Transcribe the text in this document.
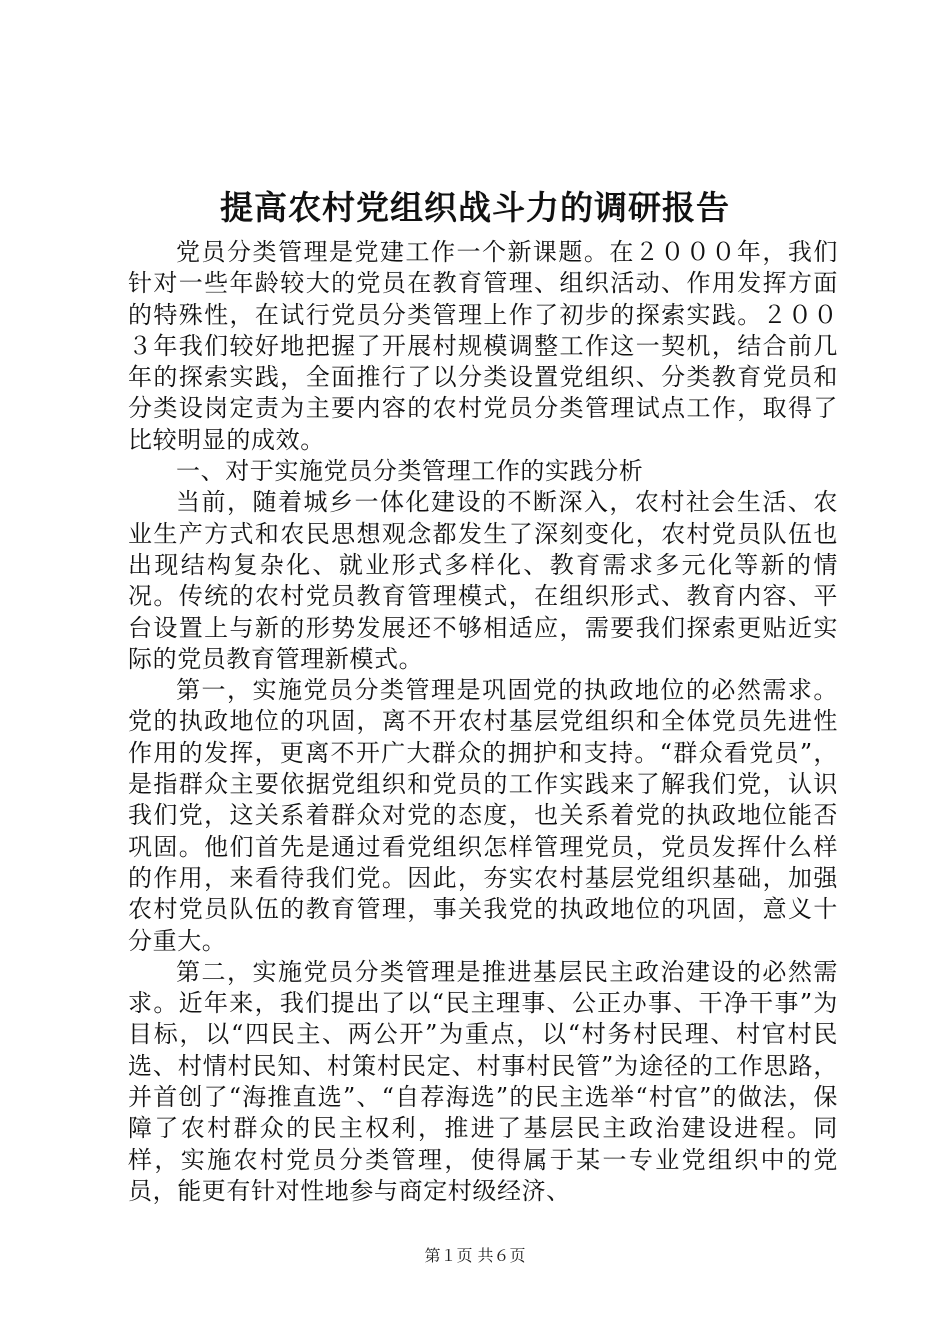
提高农村党组织战斗力的调研报告

党员分类管理是党建工作一个新课题。在２０００年，我们针对一些年龄较大的党员在教育管理、组织活动、作用发挥方面的特殊性，在试行党员分类管理上作了初步的探索实践。２００３年我们较好地把握了开展村规模调整工作这一契机，结合前几年的探索实践，全面推行了以分类设置党组织、分类教育党员和分类设岗定责为主要内容的农村党员分类管理试点工作，取得了比较明显的成效。

一、对于实施党员分类管理工作的实践分析

当前，随着城乡一体化建设的不断深入，农村社会生活、农业生产方式和农民思想观念都发生了深刻变化，农村党员队伍也出现结构复杂化、就业形式多样化、教育需求多元化等新的情况。传统的农村党员教育管理模式，在组织形式、教育内容、平台设置上与新的形势发展还不够相适应，需要我们探索更贴近实际的党员教育管理新模式。

第一，实施党员分类管理是巩固党的执政地位的必然需求。党的执政地位的巩固，离不开农村基层党组织和全体党员先进性作用的发挥，更离不开广大群众的拥护和支持。“群众看党员”，是指群众主要依据党组织和党员的工作实践来了解我们党，认识我们党，这关系着群众对党的态度，也关系着党的执政地位能否巩固。他们首先是通过看党组织怎样管理党员，党员发挥什么样的作用，来看待我们党。因此，夯实农村基层党组织基础，加强农村党员队伍的教育管理，事关我党的执政地位的巩固，意义十分重大。

第二，实施党员分类管理是推进基层民主政治建设的必然需求。近年来，我们提出了以“民主理事、公正办事、干净干事”为目标，以“四民主、两公开”为重点，以“村务村民理、村官村民选、村情村民知、村策村民定、村事村民管”为途径的工作思路，并首创了“海推直选”、“自荐海选”的民主选举“村官”的做法，保障了农村群众的民主权利，推进了基层民主政治建设进程。同样，实施农村党员分类管理，使得属于某一专业党组织中的党员，能更有针对性地参与商定村级经济、

第１页 共６页
